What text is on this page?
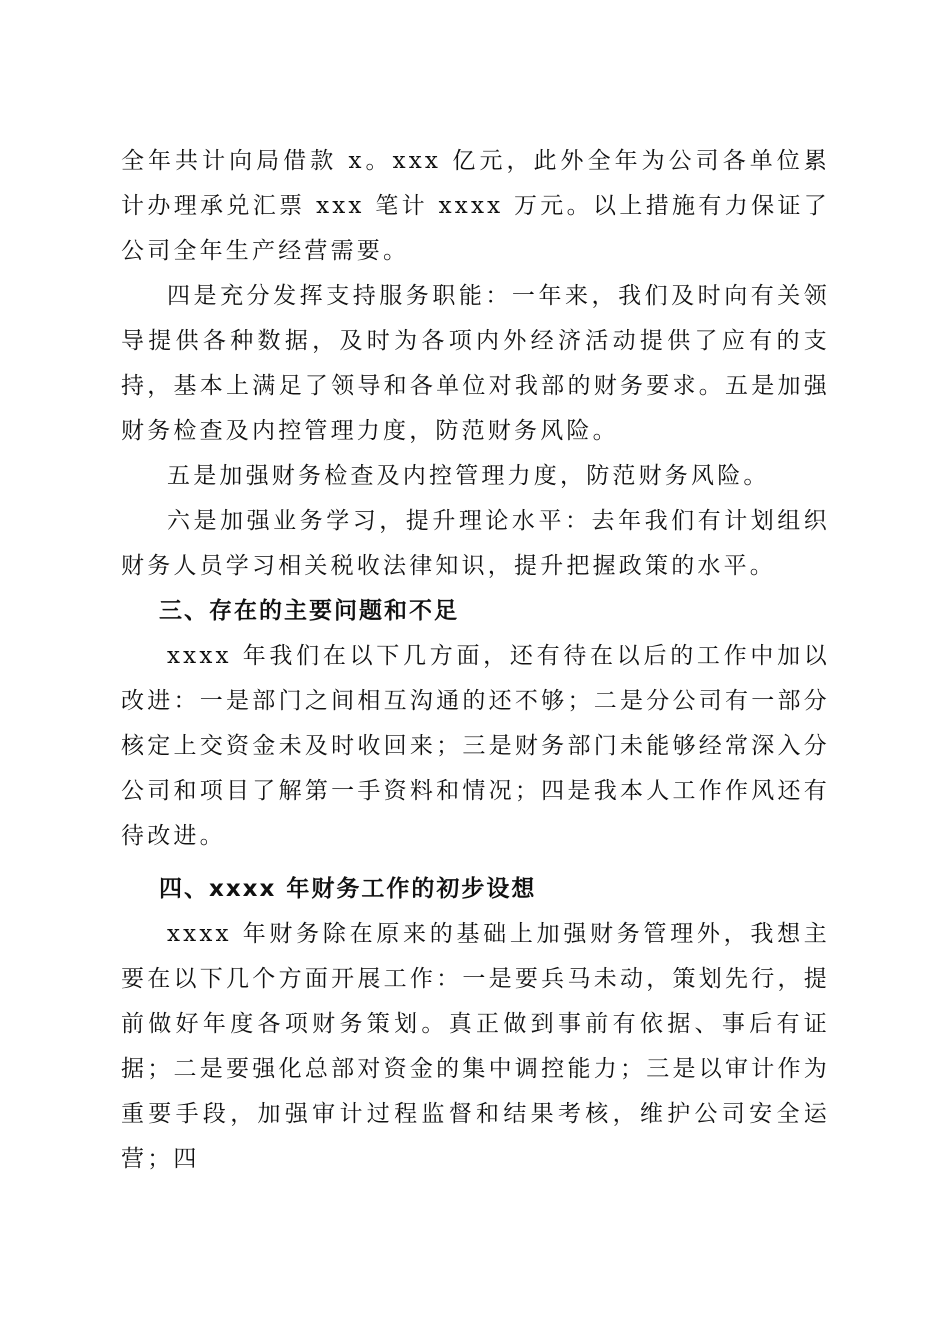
全年共计向局借款 x。xxx 亿元，此外全年为公司各单位累计办理承兑汇票 xxx 笔计 xxxx 万元。以上措施有力保证了公司全年生产经营需要。

四是充分发挥支持服务职能：一年来，我们及时向有关领导提供各种数据，及时为各项内外经济活动提供了应有的支持，基本上满足了领导和各单位对我部的财务要求。五是加强财务检查及内控管理力度，防范财务风险。

五是加强财务检查及内控管理力度，防范财务风险。

六是加强业务学习，提升理论水平：去年我们有计划组织财务人员学习相关税收法律知识，提升把握政策的水平。

三、存在的主要问题和不足

xxxx 年我们在以下几方面，还有待在以后的工作中加以改进：一是部门之间相互沟通的还不够；二是分公司有一部分核定上交资金未及时收回来；三是财务部门未能够经常深入分公司和项目了解第一手资料和情况；四是我本人工作作风还有待改进。

四、xxxx 年财务工作的初步设想

xxxx 年财务除在原来的基础上加强财务管理外，我想主要在以下几个方面开展工作：一是要兵马未动，策划先行，提前做好年度各项财务策划。真正做到事前有依据、事后有证据；二是要强化总部对资金的集中调控能力；三是以审计作为重要手段，加强审计过程监督和结果考核，维护公司安全运营；四
